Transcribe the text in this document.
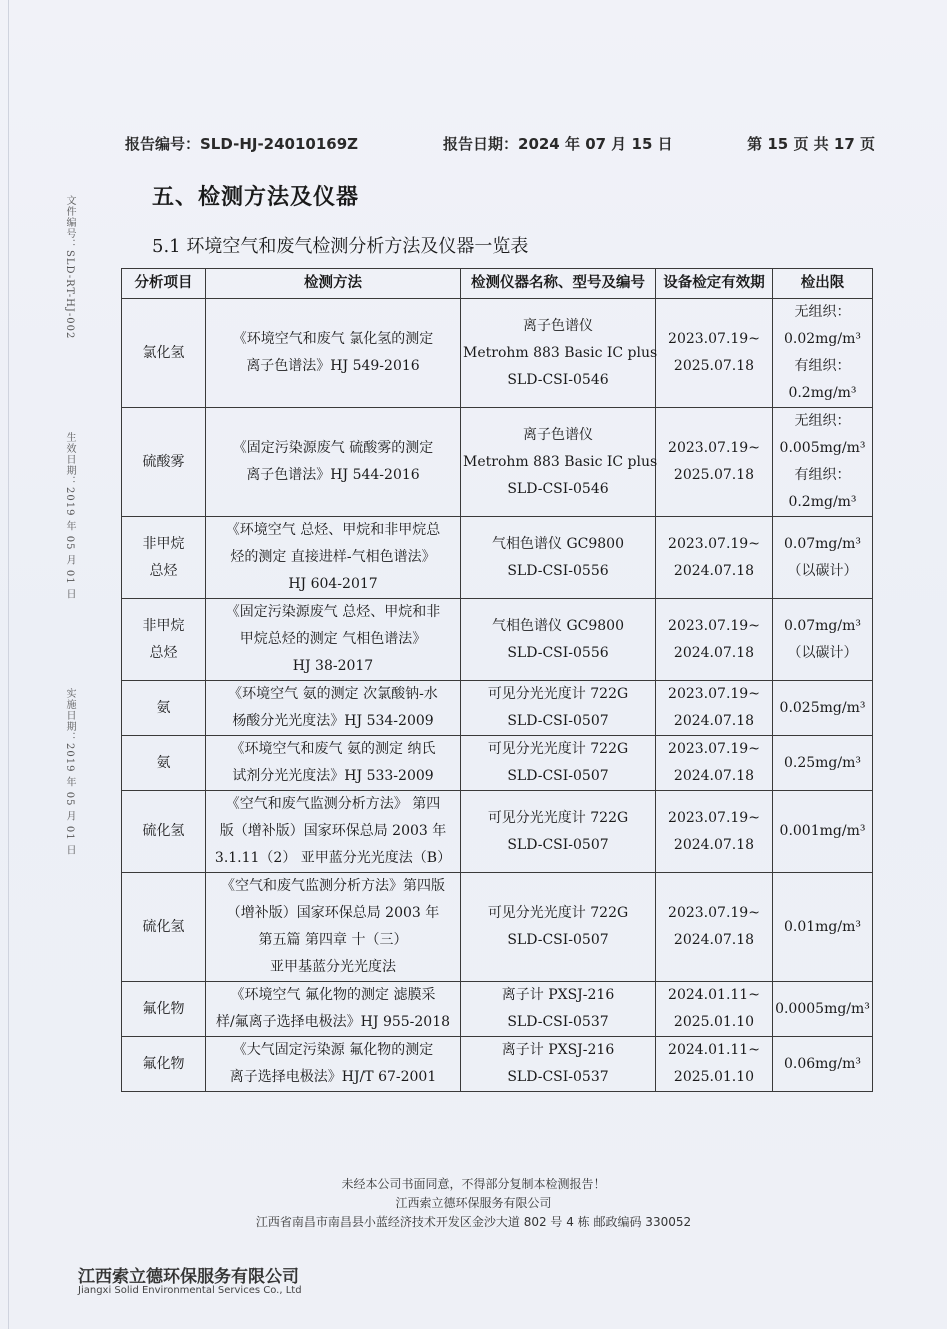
报告编号：SLD-HJ-24010169Z	报告日期：2024 年 07 月 15 日	第 15 页 共 17 页
文件编号：SLD-RT-HJ-002
生效日期：2019 年 05 月 01 日
实施日期：2019 年 05 月 01 日
五、检测方法及仪器
5.1 环境空气和废气检测分析方法及仪器一览表
分析项目	检测方法	检测仪器名称、型号及编号	设备检定有效期	检出限

氯化氢	《环境空气和废气 氯化氢的测定
离子色谱法》HJ 549-2016	离子色谱仪
Metrohm 883 Basic IC plus
SLD-CSI-0546	2023.07.19~
2025.07.18	无组织：
0.02mg/m³
有组织：
0.2mg/m³

硫酸雾	《固定污染源废气 硫酸雾的测定
离子色谱法》HJ 544-2016	离子色谱仪
Metrohm 883 Basic IC plus
SLD-CSI-0546	2023.07.19~
2025.07.18	无组织：
0.005mg/m³
有组织：
0.2mg/m³

非甲烷
总烃	《环境空气 总烃、甲烷和非甲烷总
烃的测定 直接进样-气相色谱法》
HJ 604-2017	气相色谱仪 GC9800
SLD-CSI-0556	2023.07.19~
2024.07.18	0.07mg/m³
（以碳计）

非甲烷
总烃	《固定污染源废气 总烃、甲烷和非
甲烷总烃的测定 气相色谱法》
HJ 38-2017	气相色谱仪 GC9800
SLD-CSI-0556	2023.07.19~
2024.07.18	0.07mg/m³
（以碳计）

氨	《环境空气 氨的测定 次氯酸钠-水
杨酸分光光度法》HJ 534-2009	可见分光光度计 722G
SLD-CSI-0507	2023.07.19~
2024.07.18	0.025mg/m³

氨	《环境空气和废气 氨的测定 纳氏
试剂分光光度法》HJ 533-2009	可见分光光度计 722G
SLD-CSI-0507	2023.07.19~
2024.07.18	0.25mg/m³

硫化氢	《空气和废气监测分析方法》 第四
版（增补版）国家环保总局 2003 年
3.1.11（2） 亚甲蓝分光光度法（B）	可见分光光度计 722G
SLD-CSI-0507	2023.07.19~
2024.07.18	0.001mg/m³

硫化氢	《空气和废气监测分析方法》第四版
（增补版）国家环保总局 2003 年
第五篇 第四章 十（三）
亚甲基蓝分光光度法	可见分光光度计 722G
SLD-CSI-0507	2023.07.19~
2024.07.18	0.01mg/m³

氟化物	《环境空气 氟化物的测定 滤膜采
样/氟离子选择电极法》HJ 955-2018	离子计 PXSJ-216
SLD-CSI-0537	2024.01.11~
2025.01.10	0.0005mg/m³

氟化物	《大气固定污染源 氟化物的测定
离子选择电极法》HJ/T 67-2001	离子计 PXSJ-216
SLD-CSI-0537	2024.01.11~
2025.01.10	0.06mg/m³
未经本公司书面同意，不得部分复制本检测报告！
江西索立德环保服务有限公司
江西省南昌市南昌县小蓝经济技术开发区金沙大道 802 号 4 栋 邮政编码 330052
江西索立德环保服务有限公司
Jiangxi Solid Environmental Services Co., Ltd
